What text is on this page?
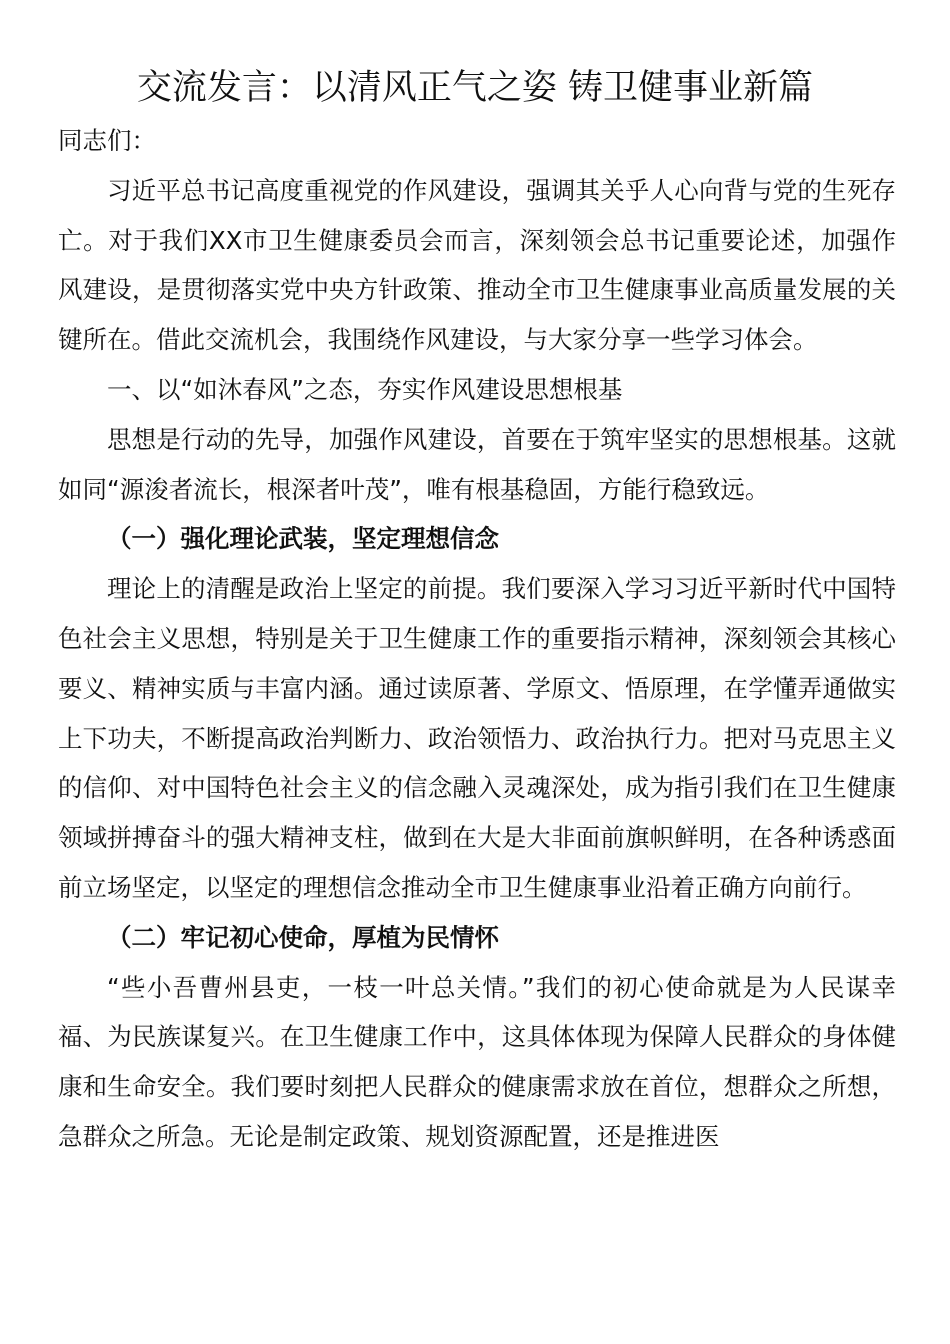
交流发言：以清风正气之姿 铸卫健事业新篇

同志们：

习近平总书记高度重视党的作风建设，强调其关乎人心向背与党的生死存亡。对于我们XX市卫生健康委员会而言，深刻领会总书记重要论述，加强作风建设，是贯彻落实党中央方针政策、推动全市卫生健康事业高质量发展的关键所在。借此交流机会，我围绕作风建设，与大家分享一些学习体会。

一、以“如沐春风”之态，夯实作风建设思想根基

思想是行动的先导，加强作风建设，首要在于筑牢坚实的思想根基。这就如同“源浚者流长，根深者叶茂”，唯有根基稳固，方能行稳致远。

（一）强化理论武装，坚定理想信念

理论上的清醒是政治上坚定的前提。我们要深入学习习近平新时代中国特色社会主义思想，特别是关于卫生健康工作的重要指示精神，深刻领会其核心要义、精神实质与丰富内涵。通过读原著、学原文、悟原理，在学懂弄通做实上下功夫，不断提高政治判断力、政治领悟力、政治执行力。把对马克思主义的信仰、对中国特色社会主义的信念融入灵魂深处，成为指引我们在卫生健康领域拼搏奋斗的强大精神支柱，做到在大是大非面前旗帜鲜明，在各种诱惑面前立场坚定，以坚定的理想信念推动全市卫生健康事业沿着正确方向前行。

（二）牢记初心使命，厚植为民情怀

“些小吾曹州县吏，一枝一叶总关情。”我们的初心使命就是为人民谋幸福、为民族谋复兴。在卫生健康工作中，这具体体现为保障人民群众的身体健康和生命安全。我们要时刻把人民群众的健康需求放在首位，想群众之所想，急群众之所急。无论是制定政策、规划资源配置，还是推进医
